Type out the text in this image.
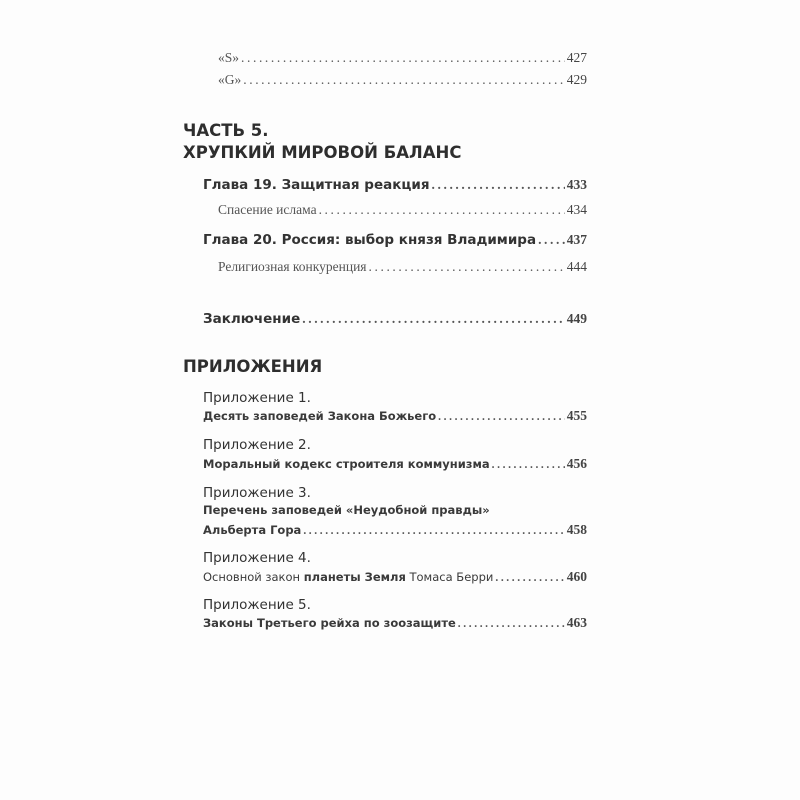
«S» .....	427
«G» .....	429
ЧАСТЬ 5.
ХРУПКИЙ МИРОВОЙ БАЛАНС
Глава 19. Защитная реакция .....	433
Спасение ислама .....	434
Глава 20. Россия: выбор князя Владимира ..... 437
Религиозная конкуренция .....	444
Заключение .....	449
ПРИЛОЖЕНИЯ
Приложение 1.
Десять заповедей Закона Божьего .....	455
Приложение 2.
Моральный кодекс строителя коммунизма .....	456
Приложение 3.
Перечень заповедей «Неудобной правды»
Альберта Гора .....	458
Приложение 4.
Основной закон планеты Земля Томаса Берри .....	460
Приложение 5.
Законы Третьего рейха по зоозащите .....	463
